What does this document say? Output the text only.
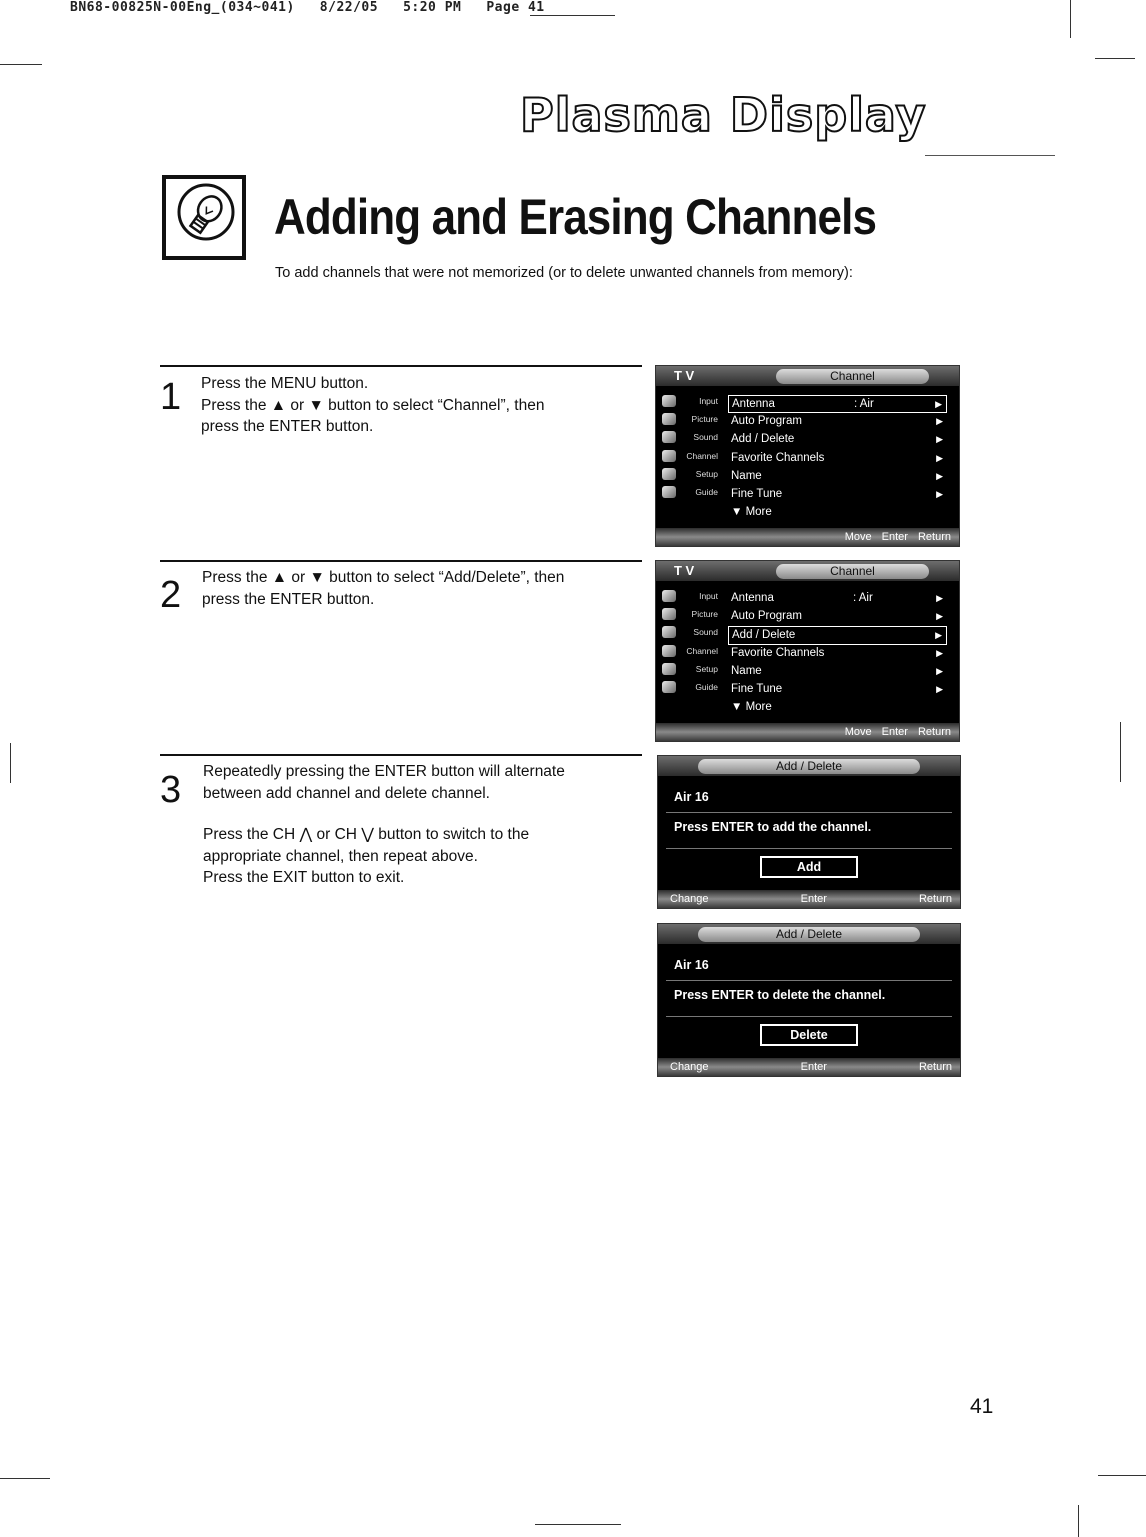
BN68-00825N-00Eng_(034~041)   8/22/05   5:20 PM   Page 41
Plasma Display
Adding and Erasing Channels
To add channels that were not memorized (or to delete unwanted channels from memory):
1 Press the MENU button.

Press the ▲ or ▼ button to select “Channel”, then

press the ENTER button.

T V	Channel
Input
Picture
Sound
Channel
Setup
Guide
Antenna	: Air	▶
Auto Program	▶
Add / Delete	▶
Favorite Channels	▶
Name	▶
Fine Tune	▶
▼ More
Move Enter Return
2 Press the ▲ or ▼ button to select “Add/Delete”, then

press the ENTER button.

T V	Channel
Input
Picture
Sound
Channel
Setup
Guide
Antenna	: Air	▶
Auto Program	▶
Add / Delete	▶
Favorite Channels	▶
Name	▶
Fine Tune	▶
▼ More
Move Enter Return
3 Repeatedly pressing the ENTER button will alternate

between add channel and delete channel.

Press the CH ⋀ or CH ⋁ button to switch to the

appropriate channel, then repeat above.

Press the EXIT button to exit.

Add / Delete
Air 16
Press ENTER to add the channel.
Add
Change	Enter	Return
Add / Delete
Air 16
Press ENTER to delete the channel.
Delete
Change	Enter	Return
41
